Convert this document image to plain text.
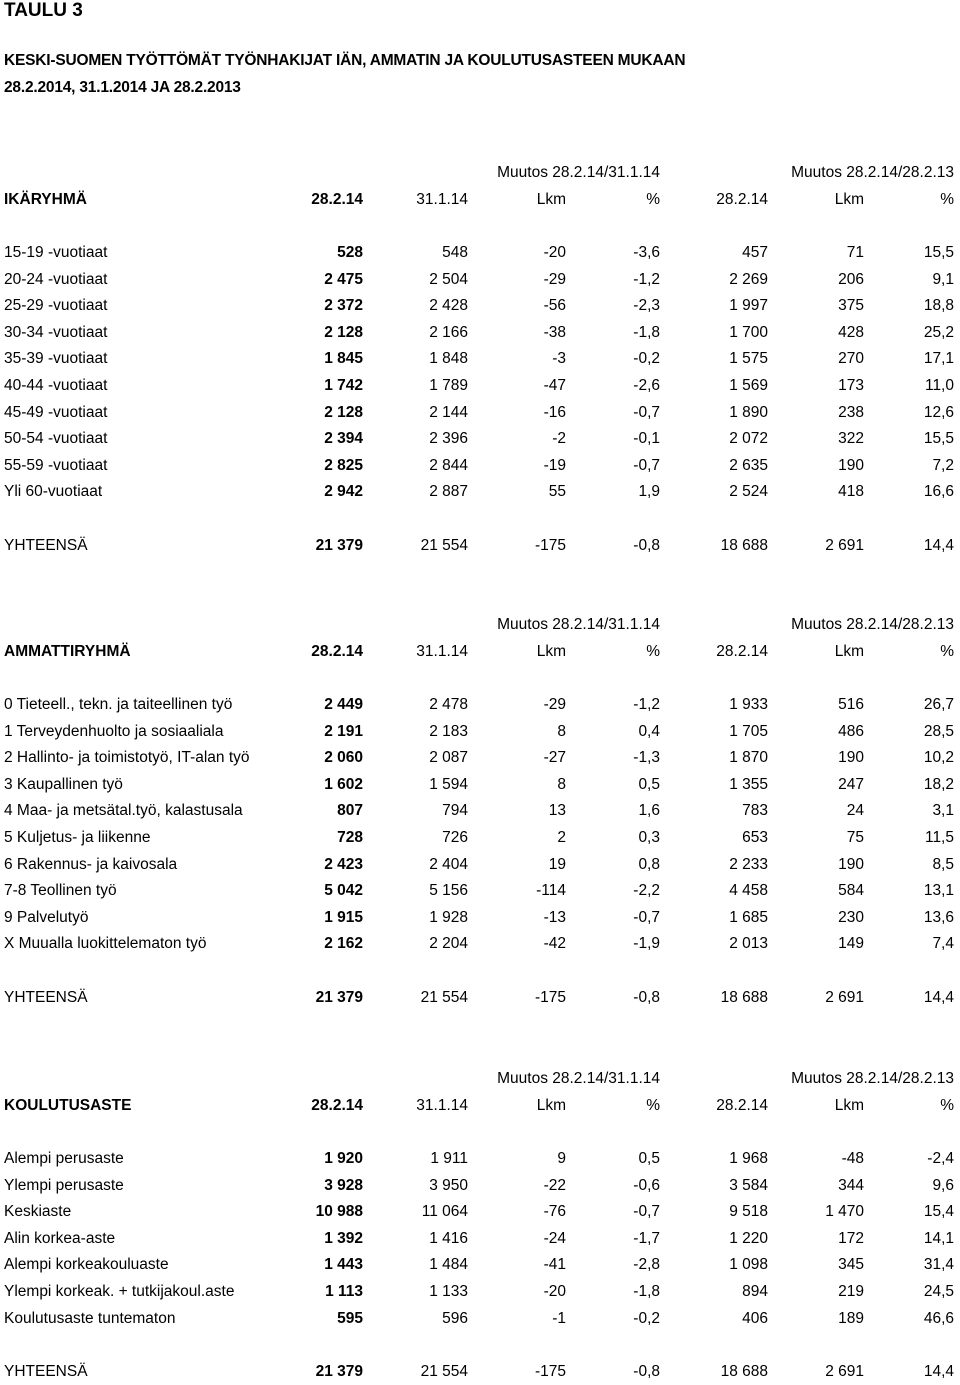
TAULU 3
KESKI-SUOMEN TYÖTTÖMÄT TYÖNHAKIJAT IÄN, AMMATIN JA KOULUTUSASTEEN MUKAAN
28.2.2014, 31.1.2014 JA 28.2.2013
Muutos 28.2.14/31.1.14	Muutos 28.2.14/28.2.13
IKÄRYHMÄ	28.2.14	31.1.14	Lkm	%	28.2.14	Lkm	%
15-19 -vuotiaat	528	548	-20	-3,6	457	71	15,5
20-24 -vuotiaat	2 475	2 504	-29	-1,2	2 269	206	9,1
25-29 -vuotiaat	2 372	2 428	-56	-2,3	1 997	375	18,8
30-34 -vuotiaat	2 128	2 166	-38	-1,8	1 700	428	25,2
35-39 -vuotiaat	1 845	1 848	-3	-0,2	1 575	270	17,1
40-44 -vuotiaat	1 742	1 789	-47	-2,6	1 569	173	11,0
45-49 -vuotiaat	2 128	2 144	-16	-0,7	1 890	238	12,6
50-54 -vuotiaat	2 394	2 396	-2	-0,1	2 072	322	15,5
55-59 -vuotiaat	2 825	2 844	-19	-0,7	2 635	190	7,2
Yli 60-vuotiaat	2 942	2 887	55	1,9	2 524	418	16,6
YHTEENSÄ	21 379	21 554	-175	-0,8	18 688	2 691	14,4
Muutos 28.2.14/31.1.14	Muutos 28.2.14/28.2.13
AMMATTIRYHMÄ	28.2.14	31.1.14	Lkm	%	28.2.14	Lkm	%
0 Tieteell., tekn. ja taiteellinen työ	2 449	2 478	-29	-1,2	1 933	516	26,7
1 Terveydenhuolto ja sosiaaliala	2 191	2 183	8	0,4	1 705	486	28,5
2 Hallinto- ja toimistotyö, IT-alan työ	2 060	2 087	-27	-1,3	1 870	190	10,2
3 Kaupallinen työ	1 602	1 594	8	0,5	1 355	247	18,2
4 Maa- ja metsätal.työ, kalastusala	807	794	13	1,6	783	24	3,1
5 Kuljetus- ja liikenne	728	726	2	0,3	653	75	11,5
6 Rakennus- ja kaivosala	2 423	2 404	19	0,8	2 233	190	8,5
7-8 Teollinen työ	5 042	5 156	-114	-2,2	4 458	584	13,1
9 Palvelutyö	1 915	1 928	-13	-0,7	1 685	230	13,6
X Muualla luokittelematon työ	2 162	2 204	-42	-1,9	2 013	149	7,4
YHTEENSÄ	21 379	21 554	-175	-0,8	18 688	2 691	14,4
Muutos 28.2.14/31.1.14	Muutos 28.2.14/28.2.13
KOULUTUSASTE	28.2.14	31.1.14	Lkm	%	28.2.14	Lkm	%
Alempi perusaste	1 920	1 911	9	0,5	1 968	-48	-2,4
Ylempi perusaste	3 928	3 950	-22	-0,6	3 584	344	9,6
Keskiaste	10 988	11 064	-76	-0,7	9 518	1 470	15,4
Alin korkea-aste	1 392	1 416	-24	-1,7	1 220	172	14,1
Alempi korkeakouluaste	1 443	1 484	-41	-2,8	1 098	345	31,4
Ylempi korkeak. + tutkijakoul.aste	1 113	1 133	-20	-1,8	894	219	24,5
Koulutusaste tuntematon	595	596	-1	-0,2	406	189	46,6
YHTEENSÄ	21 379	21 554	-175	-0,8	18 688	2 691	14,4
